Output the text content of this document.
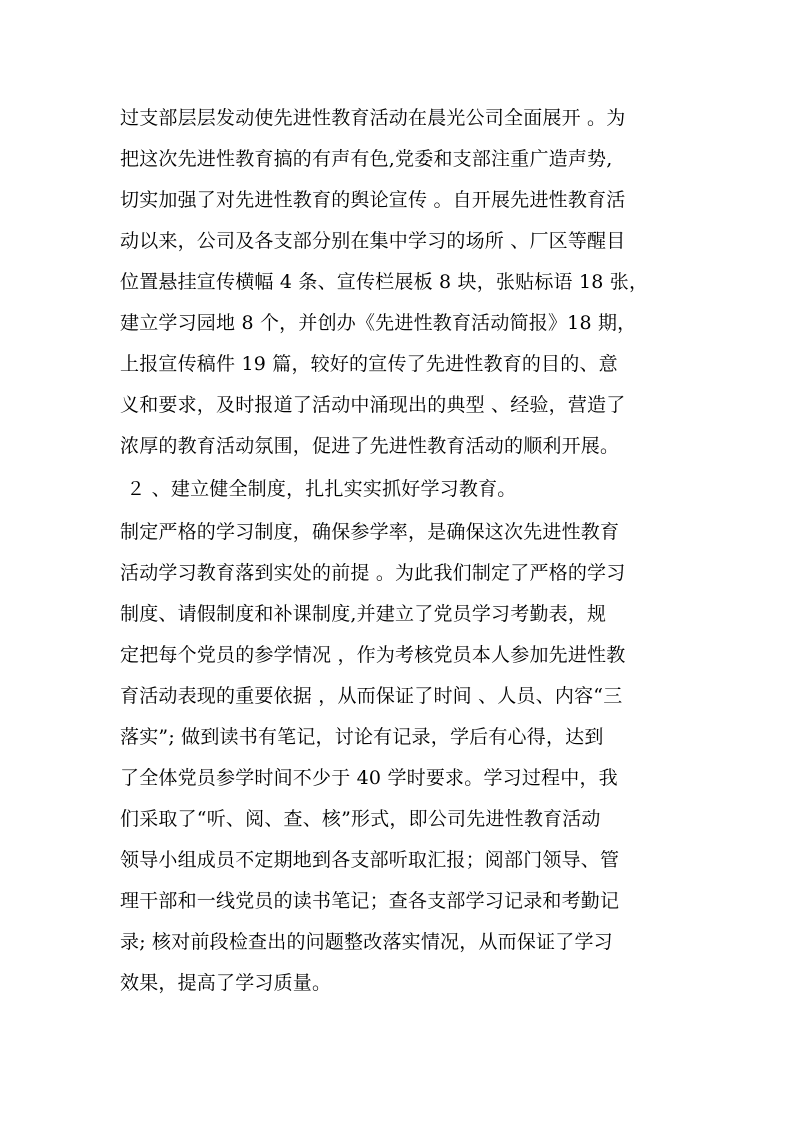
过支部层层发动使先进性教育活动在晨光公司全面展开 。为
把这次先进性教育搞的有声有色,党委和支部注重广造声势,
切实加强了对先进性教育的舆论宣传 。自开展先进性教育活
动以来，公司及各支部分别在集中学习的场所 、厂区等醒目
位置悬挂宣传横幅 4 条、宣传栏展板 8 块，张贴标语 18 张，
建立学习园地 8 个，并创办《先进性教育活动简报》18 期，
上报宣传稿件 19 篇，较好的宣传了先进性教育的目的、意
义和要求，及时报道了活动中涌现出的典型 、经验，营造了
浓厚的教育活动氛围，促进了先进性教育活动的顺利开展。
２ 、建立健全制度，扎扎实实抓好学习教育。
制定严格的学习制度，确保参学率，是确保这次先进性教育
活动学习教育落到实处的前提 。为此我们制定了严格的学习
制度、请假制度和补课制度,并建立了党员学习考勤表，规
定把每个党员的参学情况 ，作为考核党员本人参加先进性教
育活动表现的重要依据 ，从而保证了时间 、人员、内容“三
落实”; 做到读书有笔记，讨论有记录，学后有心得，达到
了全体党员参学时间不少于 40 学时要求。学习过程中，我
们采取了“听、阅、查、核”形式，即公司先进性教育活动
领导小组成员不定期地到各支部听取汇报；阅部门领导、管
理干部和一线党员的读书笔记；查各支部学习记录和考勤记
录; 核对前段检查出的问题整改落实情况，从而保证了学习
效果，提高了学习质量。
